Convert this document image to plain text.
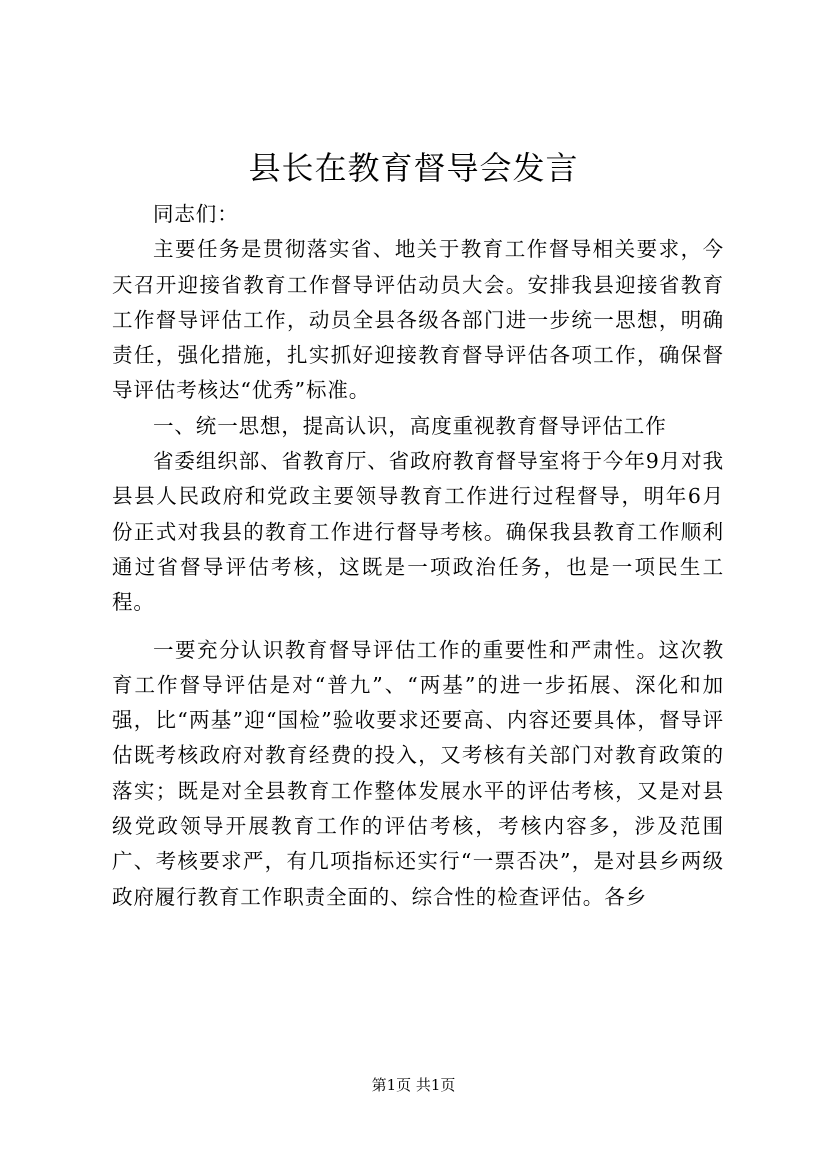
县长在教育督导会发言

同志们：

主要任务是贯彻落实省、地关于教育工作督导相关要求，今天召开迎接省教育工作督导评估动员大会。安排我县迎接省教育工作督导评估工作，动员全县各级各部门进一步统一思想，明确责任，强化措施，扎实抓好迎接教育督导评估各项工作，确保督导评估考核达“优秀”标准。

一、统一思想，提高认识，高度重视教育督导评估工作

省委组织部、省教育厅、省政府教育督导室将于今年9月对我县县人民政府和党政主要领导教育工作进行过程督导，明年6月份正式对我县的教育工作进行督导考核。确保我县教育工作顺利通过省督导评估考核，这既是一项政治任务，也是一项民生工程。

一要充分认识教育督导评估工作的重要性和严肃性。这次教育工作督导评估是对“普九”、“两基”的进一步拓展、深化和加强，比“两基”迎“国检”验收要求还要高、内容还要具体，督导评估既考核政府对教育经费的投入，又考核有关部门对教育政策的落实；既是对全县教育工作整体发展水平的评估考核，又是对县级党政领导开展教育工作的评估考核，考核内容多，涉及范围广、考核要求严，有几项指标还实行“一票否决”，是对县乡两级政府履行教育工作职责全面的、综合性的检查评估。各乡

第1页 共1页
